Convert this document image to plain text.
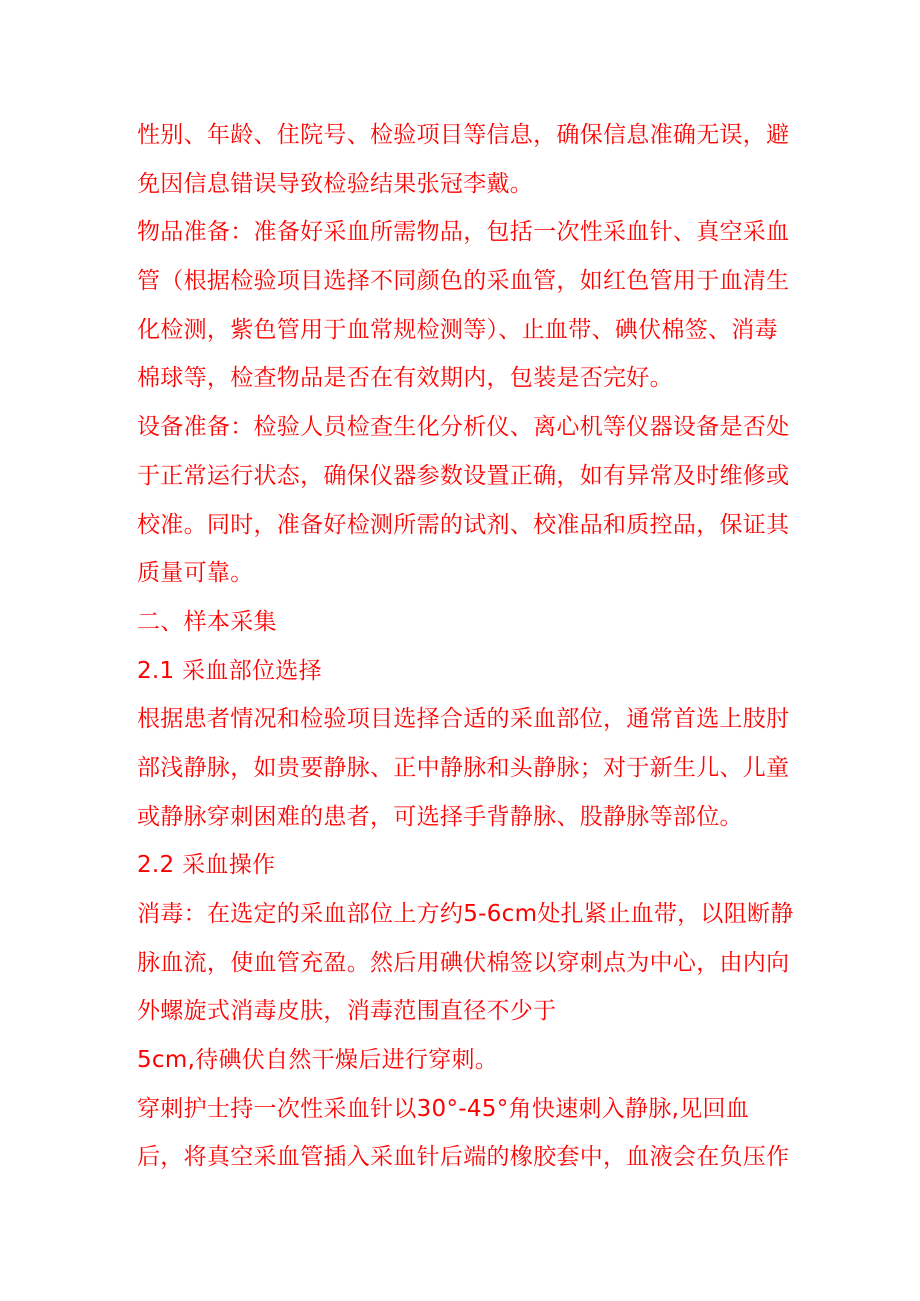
性别、年龄、住院号、检验项目等信息，确保信息准确无误，避
免因信息错误导致检验结果张冠李戴。
物品准备：准备好采血所需物品，包括一次性采血针、真空采血
管（根据检验项目选择不同颜色的采血管，如红色管用于血清生
化检测，紫色管用于血常规检测等）、止血带、碘伏棉签、消毒
棉球等，检查物品是否在有效期内，包装是否完好。
设备准备：检验人员检查生化分析仪、离心机等仪器设备是否处
于正常运行状态，确保仪器参数设置正确，如有异常及时维修或
校准。同时，准备好检测所需的试剂、校准品和质控品，保证其
质量可靠。
二、样本采集
2.1 采血部位选择
根据患者情况和检验项目选择合适的采血部位，通常首选上肢肘
部浅静脉，如贵要静脉、正中静脉和头静脉；对于新生儿、儿童
或静脉穿刺困难的患者，可选择手背静脉、股静脉等部位。
2.2 采血操作
消毒：在选定的采血部位上方约5-6cm处扎紧止血带，以阻断静
脉血流，使血管充盈。然后用碘伏棉签以穿刺点为中心，由内向
外螺旋式消毒皮肤，消毒范围直径不少于
5cm,待碘伏自然干燥后进行穿刺。
穿刺护士持一次性采血针以30°-45°角快速刺入静脉,见回血
后，将真空采血管插入采血针后端的橡胶套中，血液会在负压作
